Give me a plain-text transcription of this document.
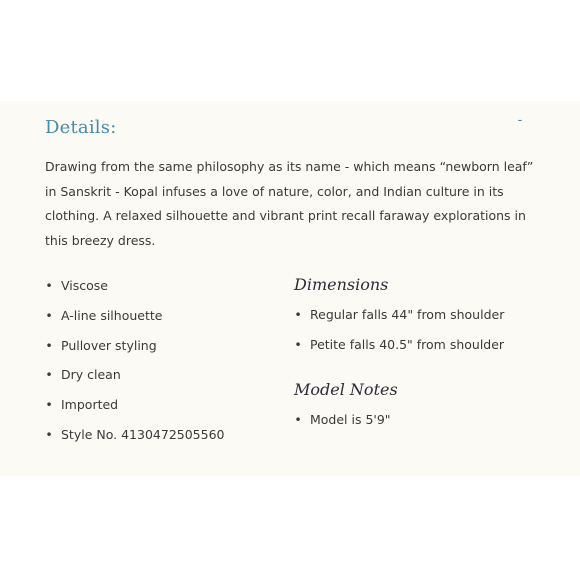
Details:	-

Drawing from the same philosophy as its name - which means “newborn leaf” in Sanskrit - Kopal infuses a love of nature, color, and Indian culture in its clothing. A relaxed silhouette and vibrant print recall faraway explorations in this breezy dress.

• Viscose
• A-line silhouette
• Pullover styling
• Dry clean
• Imported
• Style No. 4130472505560
Dimensions
• Regular falls 44" from shoulder
• Petite falls 40.5" from shoulder
Model Notes
• Model is 5'9"
